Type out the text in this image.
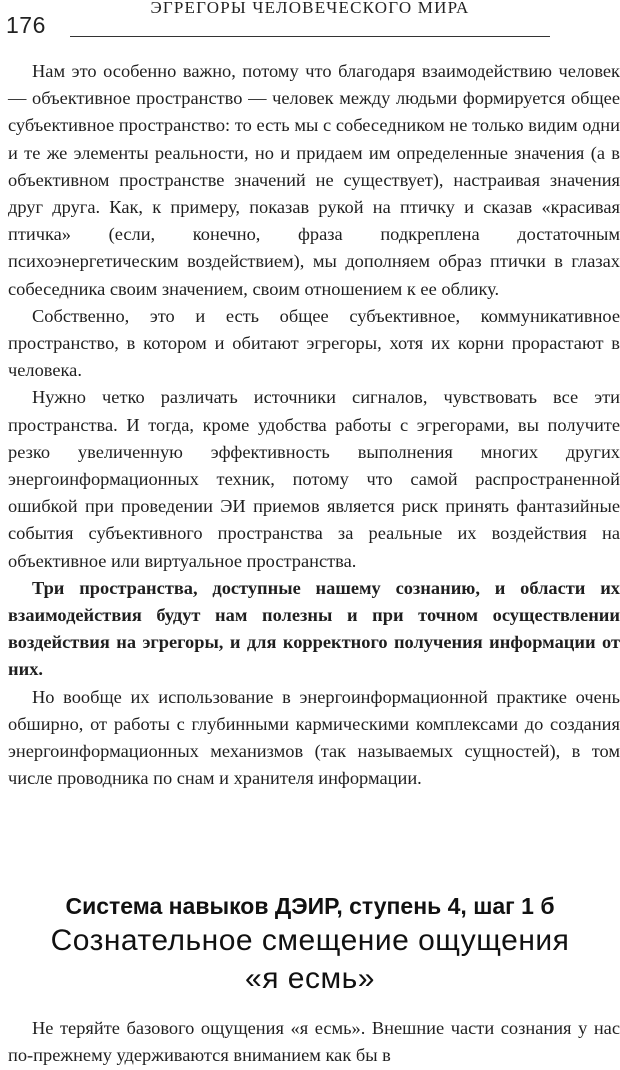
176
ЭГРЕГОРЫ ЧЕЛОВЕЧЕСКОГО МИРА

Нам это особенно важно, потому что благодаря взаимодействию человек — объективное пространство — человек между людьми формируется общее субъективное пространство: то есть мы с собеседником не только видим одни и те же элементы реальности, но и придаем им определенные значения (а в объективном пространстве значений не существует), настраивая значения друг друга. Как, к примеру, показав рукой на птичку и сказав «красивая птичка» (если, конечно, фраза подкреплена достаточным психоэнергетическим воздействием), мы дополняем образ птички в глазах собеседника своим значением, своим отношением к ее облику.

Собственно, это и есть общее субъективное, коммуникативное пространство, в котором и обитают эгрегоры, хотя их корни прорастают в человека.

Нужно четко различать источники сигналов, чувствовать все эти пространства. И тогда, кроме удобства работы с эгрегорами, вы получите резко увеличенную эффективность выполнения многих других энергоинформационных техник, потому что самой распространенной ошибкой при проведении ЭИ приемов является риск принять фантазийные события субъективного пространства за реальные их воздействия на объективное или виртуальное пространства.

Три пространства, доступные нашему сознанию, и области их взаимодействия будут нам полезны и при точном осуществлении воздействия на эгрегоры, и для корректного получения информации от них.

Но вообще их использование в энергоинформационной практике очень обширно, от работы с глубинными кармическими комплексами до создания энергоинформационных механизмов (так называемых сущностей), в том числе проводника по снам и хранителя информации.

Система навыков ДЭИР, ступень 4, шаг 1 б
Сознательное смещение ощущения
«я есмь»

Не теряйте базового ощущения «я есмь». Внешние части сознания у нас по-прежнему удерживаются вниманием как бы в
